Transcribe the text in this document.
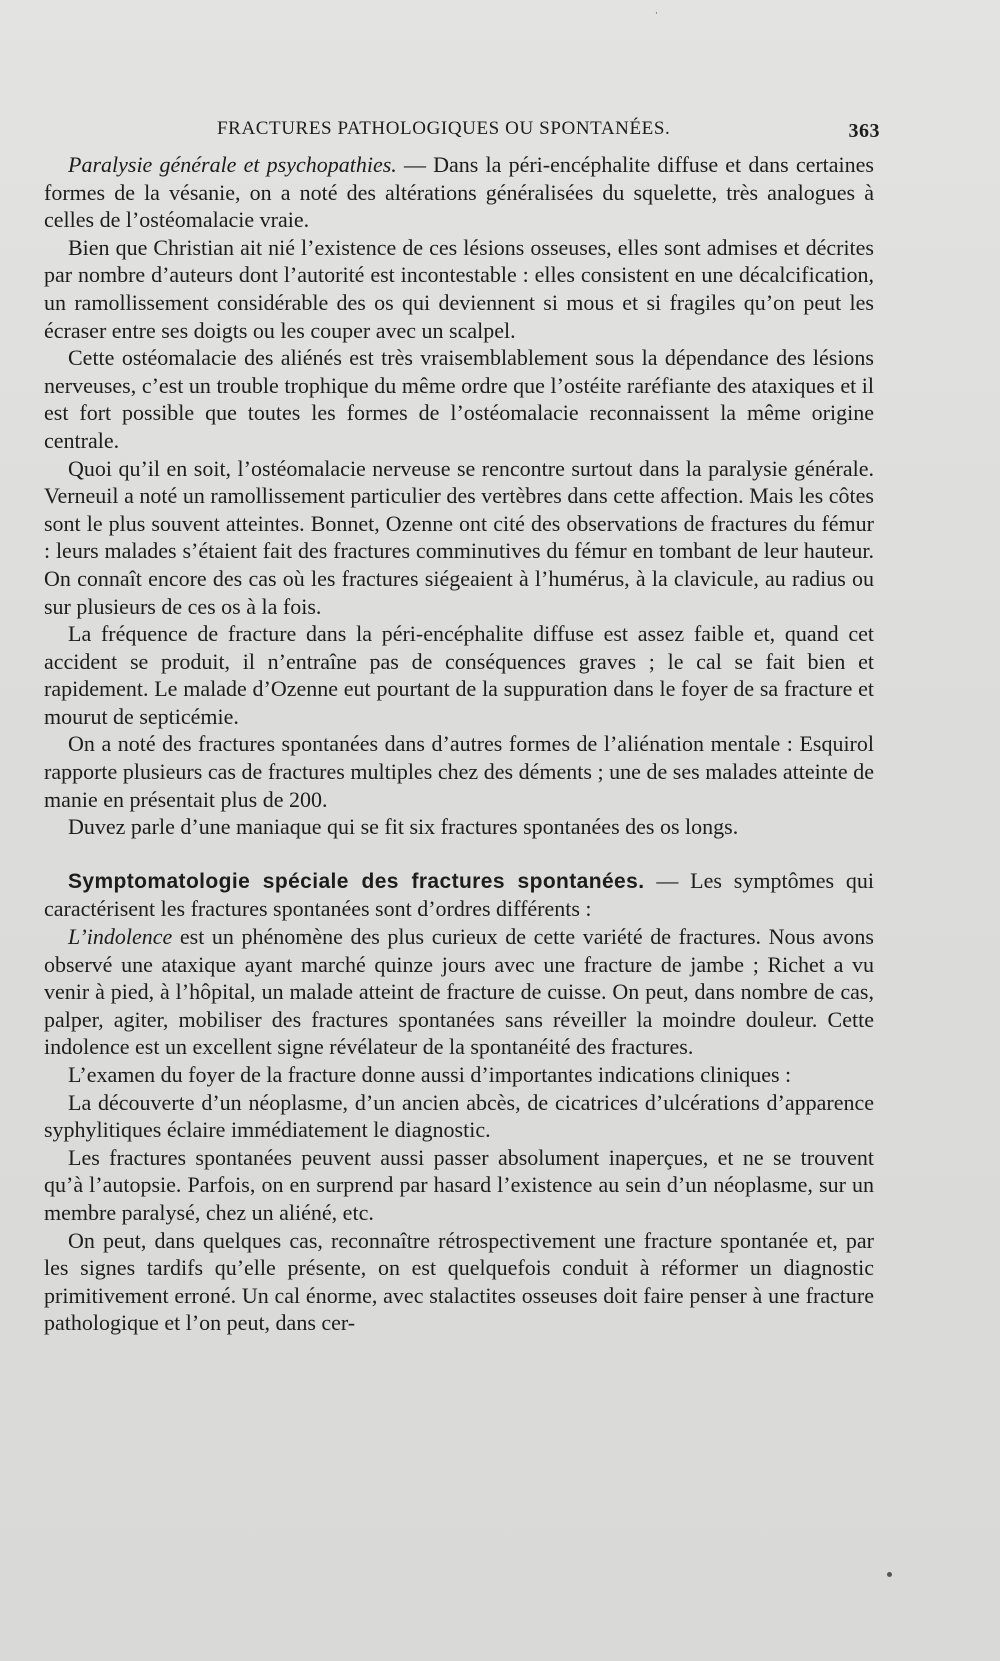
ˌ
FRACTURES PATHOLOGIQUES OU SPONTANÉES.	363

Paralysie générale et psychopathies. — Dans la péri-encéphalite diffuse et dans certaines formes de la vésanie, on a noté des altérations généralisées du squelette, très analogues à celles de l’ostéomalacie vraie.

Bien que Christian ait nié l’existence de ces lésions osseuses, elles sont admises et décrites par nombre d’auteurs dont l’autorité est incontestable : elles consistent en une décalcification, un ramollissement considérable des os qui deviennent si mous et si fragiles qu’on peut les écraser entre ses doigts ou les couper avec un scalpel.

Cette ostéomalacie des aliénés est très vraisemblablement sous la dépendance des lésions nerveuses, c’est un trouble trophique du même ordre que l’ostéite raréfiante des ataxiques et il est fort possible que toutes les formes de l’ostéomalacie reconnaissent la même origine centrale.

Quoi qu’il en soit, l’ostéomalacie nerveuse se rencontre surtout dans la paralysie générale. Verneuil a noté un ramollissement particulier des vertèbres dans cette affection. Mais les côtes sont le plus souvent atteintes. Bonnet, Ozenne ont cité des observations de fractures du fémur : leurs malades s’étaient fait des fractures comminutives du fémur en tombant de leur hauteur. On connaît encore des cas où les fractures siégeaient à l’humérus, à la clavicule, au radius ou sur plusieurs de ces os à la fois.

La fréquence de fracture dans la péri-encéphalite diffuse est assez faible et, quand cet accident se produit, il n’entraîne pas de conséquences graves ; le cal se fait bien et rapidement. Le malade d’Ozenne eut pourtant de la suppuration dans le foyer de sa fracture et mourut de septicémie.

On a noté des fractures spontanées dans d’autres formes de l’aliénation mentale : Esquirol rapporte plusieurs cas de fractures multiples chez des déments ; une de ses malades atteinte de manie en présentait plus de 200.

Duvez parle d’une maniaque qui se fit six fractures spontanées des os longs.

Symptomatologie spéciale des fractures spontanées. — Les symptômes qui caractérisent les fractures spontanées sont d’ordres différents :

L’indolence est un phénomène des plus curieux de cette variété de fractures. Nous avons observé une ataxique ayant marché quinze jours avec une fracture de jambe ; Richet a vu venir à pied, à l’hôpital, un malade atteint de fracture de cuisse. On peut, dans nombre de cas, palper, agiter, mobiliser des fractures spontanées sans réveiller la moindre douleur. Cette indolence est un excellent signe révélateur de la spontanéité des fractures.

L’examen du foyer de la fracture donne aussi d’importantes indications cliniques :

La découverte d’un néoplasme, d’un ancien abcès, de cicatrices d’ulcérations d’apparence syphylitiques éclaire immédiatement le diagnostic.

Les fractures spontanées peuvent aussi passer absolument inaperçues, et ne se trouvent qu’à l’autopsie. Parfois, on en surprend par hasard l’existence au sein d’un néoplasme, sur un membre paralysé, chez un aliéné, etc.

On peut, dans quelques cas, reconnaître rétrospectivement une fracture spontanée et, par les signes tardifs qu’elle présente, on est quelquefois conduit à réformer un diagnostic primitivement erroné. Un cal énorme, avec stalactites osseuses doit faire penser à une fracture pathologique et l’on peut, dans cer-
